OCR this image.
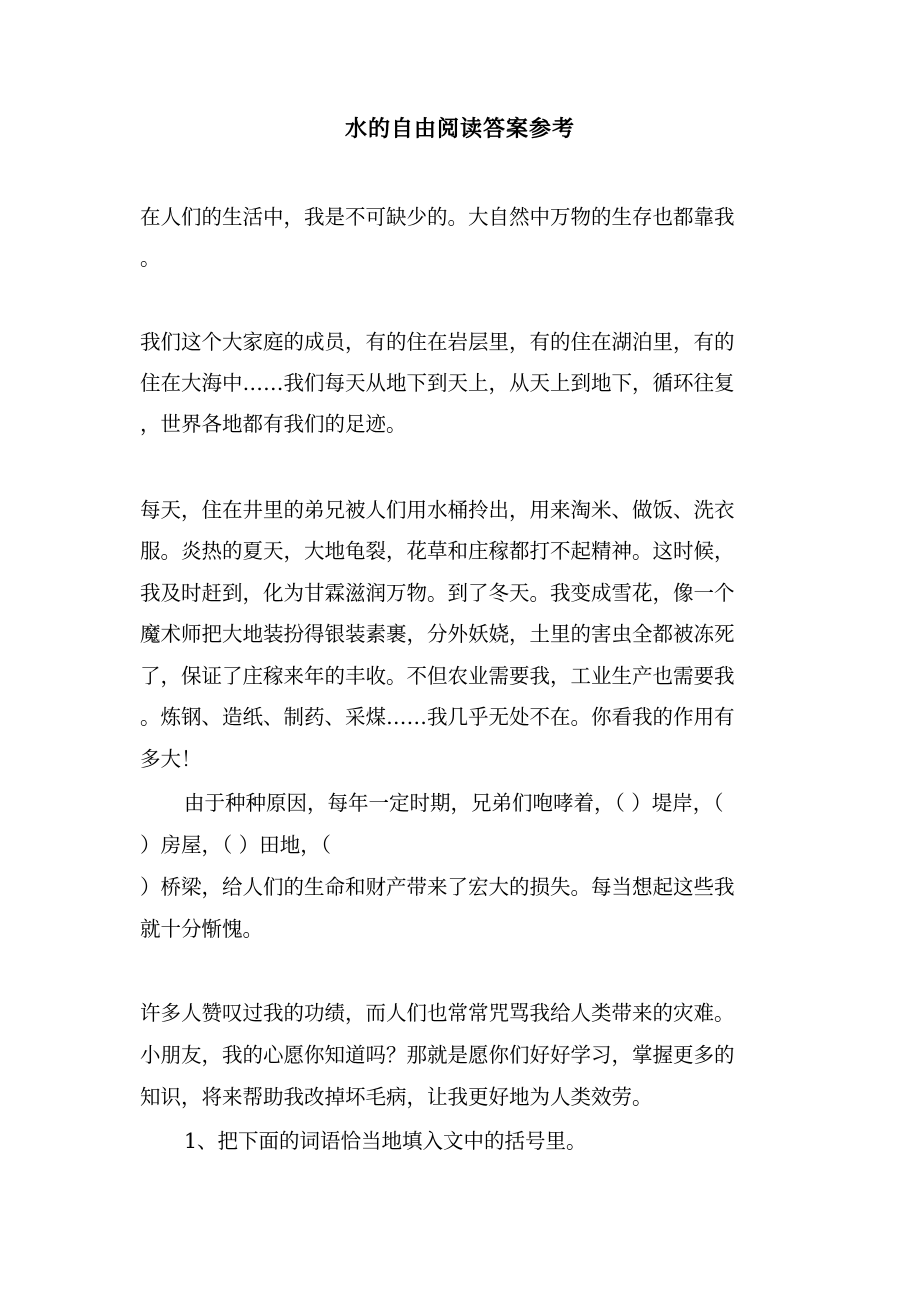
水的自由阅读答案参考
在人们的生活中，我是不可缺少的。大自然中万物的生存也都靠我
。
我们这个大家庭的成员，有的住在岩层里，有的住在湖泊里，有的
住在大海中……我们每天从地下到天上，从天上到地下，循环往复
，世界各地都有我们的足迹。
每天，住在井里的弟兄被人们用水桶拎出，用来淘米、做饭、洗衣
服。炎热的夏天，大地龟裂，花草和庄稼都打不起精神。这时候，
我及时赶到，化为甘霖滋润万物。到了冬天。我变成雪花，像一个
魔术师把大地装扮得银装素裹，分外妖娆，土里的害虫全都被冻死
了，保证了庄稼来年的丰收。不但农业需要我，工业生产也需要我
。炼钢、造纸、制药、采煤……我几乎无处不在。你看我的作用有
多大！
由于种种原因，每年一定时期，兄弟们咆哮着，（ ）堤岸，（
）房屋，（ ）田地，（
）桥梁，给人们的生命和财产带来了宏大的损失。每当想起这些我
就十分惭愧。
许多人赞叹过我的功绩，而人们也常常咒骂我给人类带来的灾难。
小朋友，我的心愿你知道吗？那就是愿你们好好学习，掌握更多的
知识，将来帮助我改掉坏毛病，让我更好地为人类效劳。
1、把下面的词语恰当地填入文中的括号里。
